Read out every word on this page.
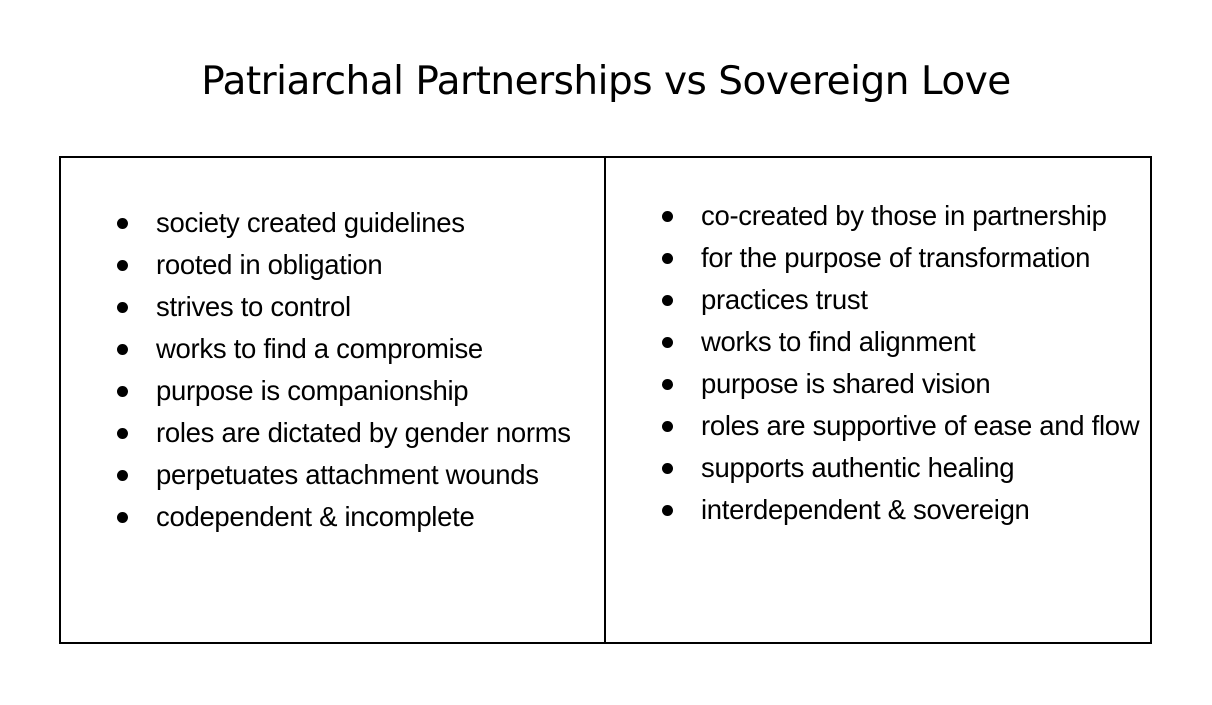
Patriarchal Partnerships vs Sovereign Love
society created guidelines
rooted in obligation
strives to control
works to find a compromise
purpose is companionship
roles are dictated by gender norms
perpetuates attachment wounds
codependent & incomplete
co-created by those in partnership
for the purpose of transformation
practices trust
works to find alignment
purpose is shared vision
roles are supportive of ease and flow
supports authentic healing
interdependent & sovereign
